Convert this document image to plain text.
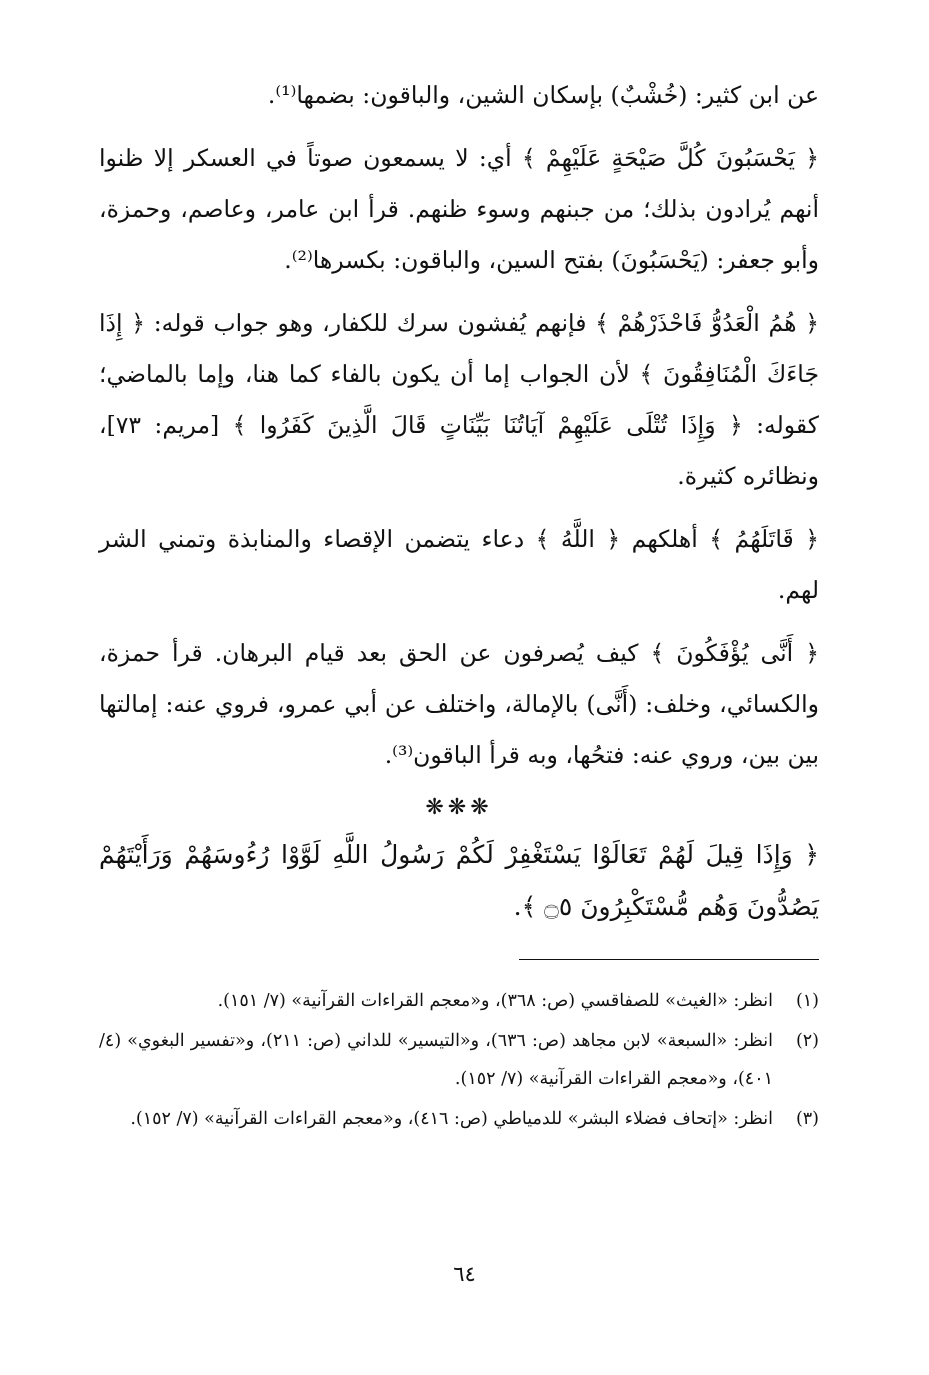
عن ابن كثير: (خُشْبٌ) بإسكان الشين، والباقون: بضمها⁽¹⁾.

﴿ يَحْسَبُونَ كُلَّ صَيْحَةٍ عَلَيْهِمْ ﴾ أي: لا يسمعون صوتاً في العسكر إلا ظنوا أنهم يُرادون بذلك؛ من جبنهم وسوء ظنهم. قرأ ابن عامر، وعاصم، وحمزة، وأبو جعفر: (يَحْسَبُونَ) بفتح السين، والباقون: بكسرها⁽²⁾.

﴿ هُمُ الْعَدُوُّ فَاحْذَرْهُمْ ﴾ فإنهم يُفشون سرك للكفار، وهو جواب قوله: ﴿ إِذَا جَاءَكَ الْمُنَافِقُونَ ﴾ لأن الجواب إما أن يكون بالفاء كما هنا، وإما بالماضي؛ كقوله: ﴿ وَإِذَا تُتْلَى عَلَيْهِمْ آيَاتُنَا بَيِّنَاتٍ قَالَ الَّذِينَ كَفَرُوا ﴾ [مريم: ٧٣]، ونظائره كثيرة.

﴿ قَاتَلَهُمُ ﴾ أهلكهم ﴿ اللَّهُ ﴾ دعاء يتضمن الإقصاء والمنابذة وتمني الشر لهم.

﴿ أَنَّى يُؤْفَكُونَ ﴾ كيف يُصرفون عن الحق بعد قيام البرهان. قرأ حمزة، والكسائي، وخلف: (أَنَّى) بالإمالة، واختلف عن أبي عمرو، فروي عنه: إمالتها بين بين، وروي عنه: فتحُها، وبه قرأ الباقون⁽³⁾.

❋❋❋

﴿ وَإِذَا قِيلَ لَهُمْ تَعَالَوْا يَسْتَغْفِرْ لَكُمْ رَسُولُ اللَّهِ لَوَّوْا رُءُوسَهُمْ وَرَأَيْتَهُمْ يَصُدُّونَ وَهُم مُّسْتَكْبِرُونَ ۝٥ ﴾.

(١)
انظر: «الغيث» للصفاقسي (ص: ٣٦٨)، و«معجم القراءات القرآنية» (٧/ ١٥١).
(٢)
انظر: «السبعة» لابن مجاهد (ص: ٦٣٦)، و«التيسير» للداني (ص: ٢١١)، و«تفسير البغوي» (٤/ ٤٠١)، و«معجم القراءات القرآنية» (٧/ ١٥٢).
(٣)
انظر: «إتحاف فضلاء البشر» للدمياطي (ص: ٤١٦)، و«معجم القراءات القرآنية» (٧/ ١٥٢).
٦٤
